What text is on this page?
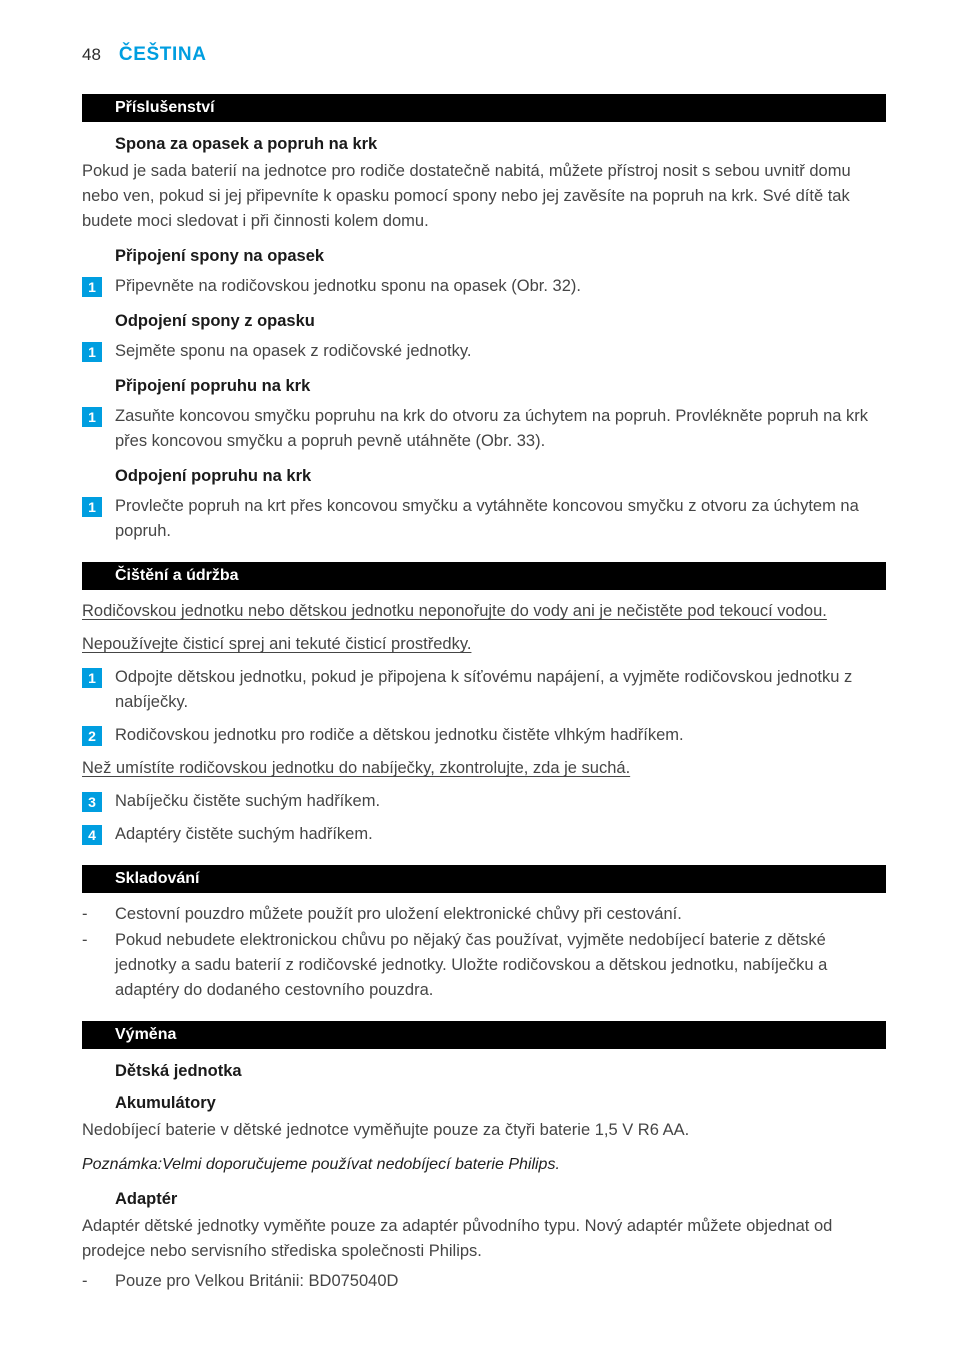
48 ČEŠTINA
Příslušenství
Spona za opasek a popruh na krk

Pokud je sada baterií na jednotce pro rodiče dostatečně nabitá, můžete přístroj nosit s sebou uvnitř domu nebo ven, pokud si jej připevníte k opasku pomocí spony nebo jej zavěsíte na popruh na krk. Své dítě tak budete moci sledovat i při činnosti kolem domu.

Připojení spony na opasek
1	Připevněte na rodičovskou jednotku sponu na opasek (Obr. 32).
Odpojení spony z opasku
1	Sejměte sponu na opasek z rodičovské jednotky.
Připojení popruhu na krk
1	Zasuňte koncovou smyčku popruhu na krk do otvoru za úchytem na popruh. Provlékněte popruh na krk přes koncovou smyčku a popruh pevně utáhněte (Obr. 33).
Odpojení popruhu na krk
1	Provlečte popruh na krt přes koncovou smyčku a vytáhněte koncovou smyčku z otvoru za úchytem na popruh.
Čištění a údržba

Rodičovskou jednotku nebo dětskou jednotku neponořujte do vody ani je nečistěte pod tekoucí vodou.

Nepoužívejte čisticí sprej ani tekuté čisticí prostředky.

1	Odpojte dětskou jednotku, pokud je připojena k síťovému napájení, a vyjměte rodičovskou jednotku z nabíječky.
2	Rodičovskou jednotku pro rodiče a dětskou jednotku čistěte vlhkým hadříkem.

Než umístíte rodičovskou jednotku do nabíječky, zkontrolujte, zda je suchá.

3	Nabíječku čistěte suchým hadříkem.
4	Adaptéry čistěte suchým hadříkem.
Skladování
-	Cestovní pouzdro můžete použít pro uložení elektronické chůvy při cestování.
-	Pokud nebudete elektronickou chůvu po nějaký čas používat, vyjměte nedobíjecí baterie z dětské jednotky a sadu baterií z rodičovské jednotky. Uložte rodičovskou a dětskou jednotku, nabíječku a adaptéry do dodaného cestovního pouzdra.
Výměna
Dětská jednotka
Akumulátory

Nedobíjecí baterie v dětské jednotce vyměňujte pouze za čtyři baterie 1,5 V R6 AA.

Poznámka:Velmi doporučujeme používat nedobíjecí baterie Philips.

Adaptér

Adaptér dětské jednotky vyměňte pouze za adaptér původního typu. Nový adaptér můžete objednat od prodejce nebo servisního střediska společnosti Philips.

-	Pouze pro Velkou Británii: BD075040D
